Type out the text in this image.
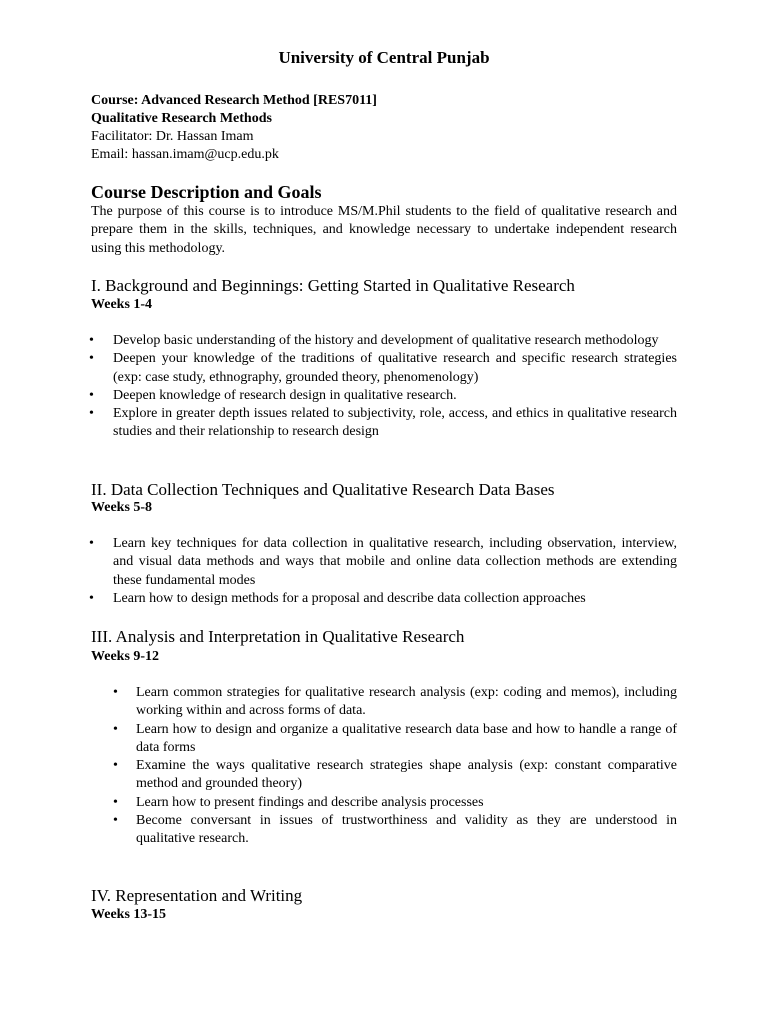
University of Central Punjab
Course: Advanced Research Method [RES7011]
Qualitative Research Methods
Facilitator: Dr. Hassan Imam
Email: hassan.imam@ucp.edu.pk
Course Description and Goals
The purpose of this course is to introduce MS/M.Phil students to the field of qualitative research and prepare them in the skills, techniques, and knowledge necessary to undertake independent research using this methodology.
I. Background and Beginnings: Getting Started in Qualitative Research
Weeks 1-4
• Develop basic understanding of the history and development of qualitative research methodology
• Deepen your knowledge of the traditions of qualitative research and specific research strategies (exp: case study, ethnography, grounded theory, phenomenology)
• Deepen knowledge of research design in qualitative research.
• Explore in greater depth issues related to subjectivity, role, access, and ethics in qualitative research studies and their relationship to research design
II. Data Collection Techniques and Qualitative Research Data Bases
Weeks 5-8
• Learn key techniques for data collection in qualitative research, including observation, interview, and visual data methods and ways that mobile and online data collection methods are extending these fundamental modes
• Learn how to design methods for a proposal and describe data collection approaches
III. Analysis and Interpretation in Qualitative Research
Weeks 9-12
• Learn common strategies for qualitative research analysis (exp: coding and memos), including working within and across forms of data.
• Learn how to design and organize a qualitative research data base and how to handle a range of data forms
• Examine the ways qualitative research strategies shape analysis (exp: constant comparative method and grounded theory)
• Learn how to present findings and describe analysis processes
• Become conversant in issues of trustworthiness and validity as they are understood in qualitative research.
IV. Representation and Writing
Weeks 13-15
